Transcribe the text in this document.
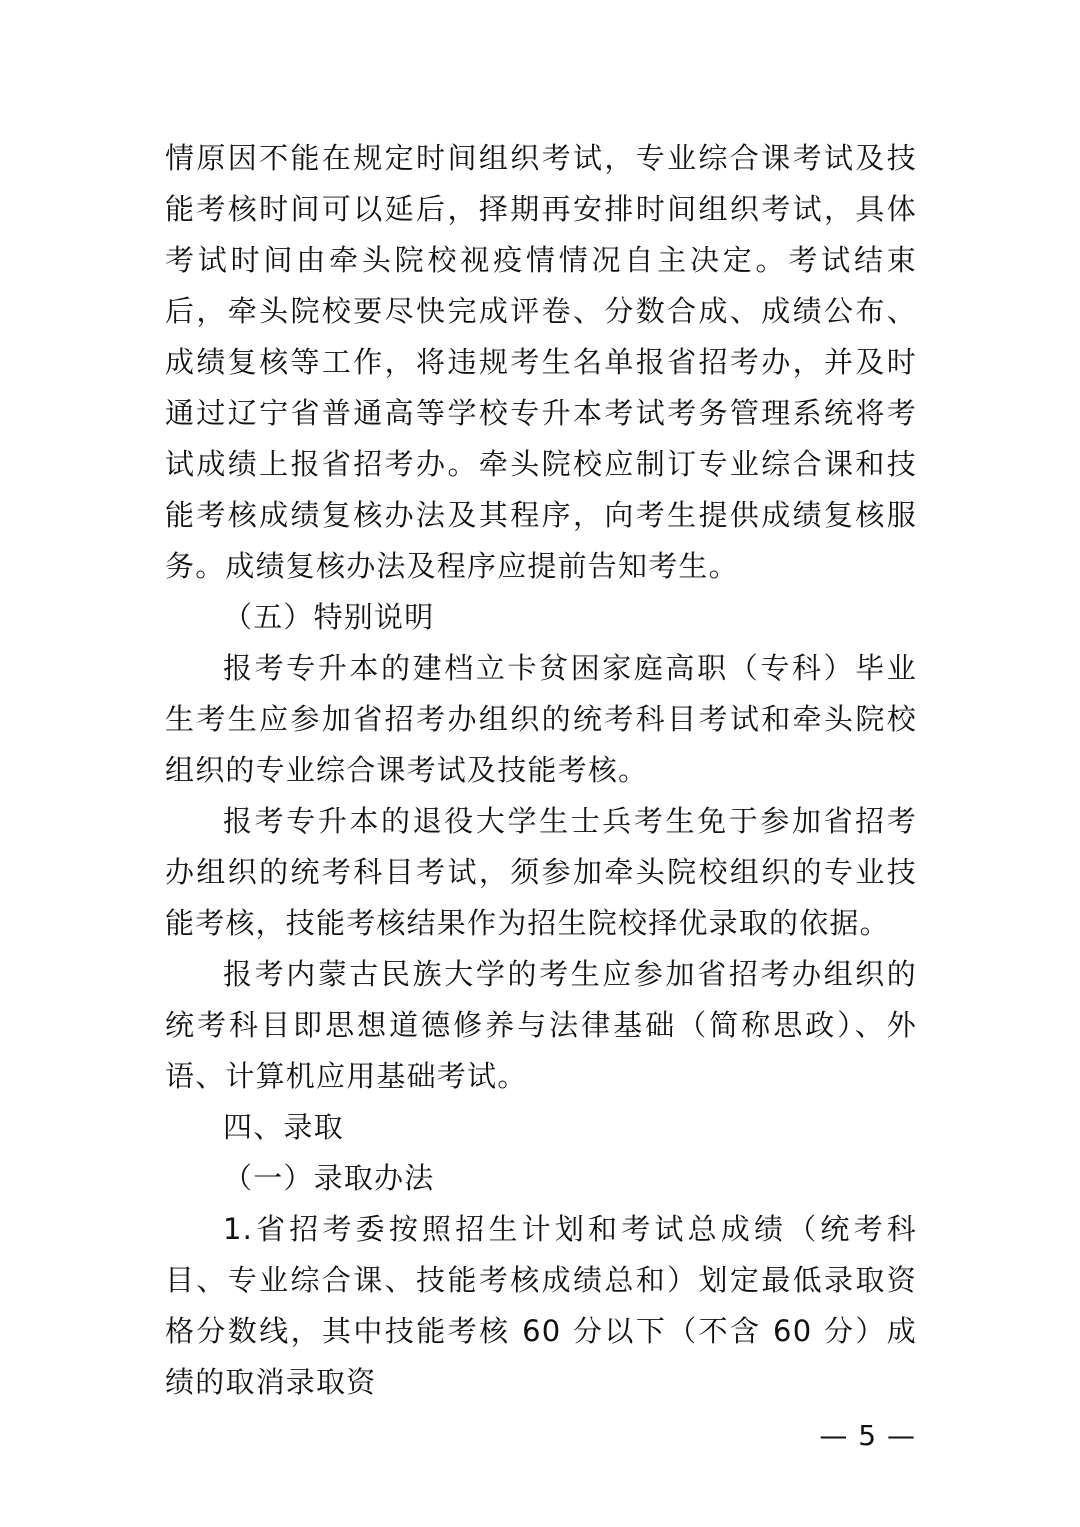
情原因不能在规定时间组织考试，专业综合课考试及技能考核时间可以延后，择期再安排时间组织考试，具体考试时间由牵头院校视疫情情况自主决定。考试结束后，牵头院校要尽快完成评卷、分数合成、成绩公布、成绩复核等工作，将违规考生名单报省招考办，并及时通过辽宁省普通高等学校专升本考试考务管理系统将考试成绩上报省招考办。牵头院校应制订专业综合课和技能考核成绩复核办法及其程序，向考生提供成绩复核服务。成绩复核办法及程序应提前告知考生。

（五）特别说明

报考专升本的建档立卡贫困家庭高职（专科）毕业生考生应参加省招考办组织的统考科目考试和牵头院校组织的专业综合课考试及技能考核。

报考专升本的退役大学生士兵考生免于参加省招考办组织的统考科目考试，须参加牵头院校组织的专业技能考核，技能考核结果作为招生院校择优录取的依据。

报考内蒙古民族大学的考生应参加省招考办组织的统考科目即思想道德修养与法律基础（简称思政）、外语、计算机应用基础考试。

四、录取

（一）录取办法

1.省招考委按照招生计划和考试总成绩（统考科目、专业综合课、技能考核成绩总和）划定最低录取资格分数线，其中技能考核 60 分以下（不含 60 分）成绩的取消录取资

— 5 —
